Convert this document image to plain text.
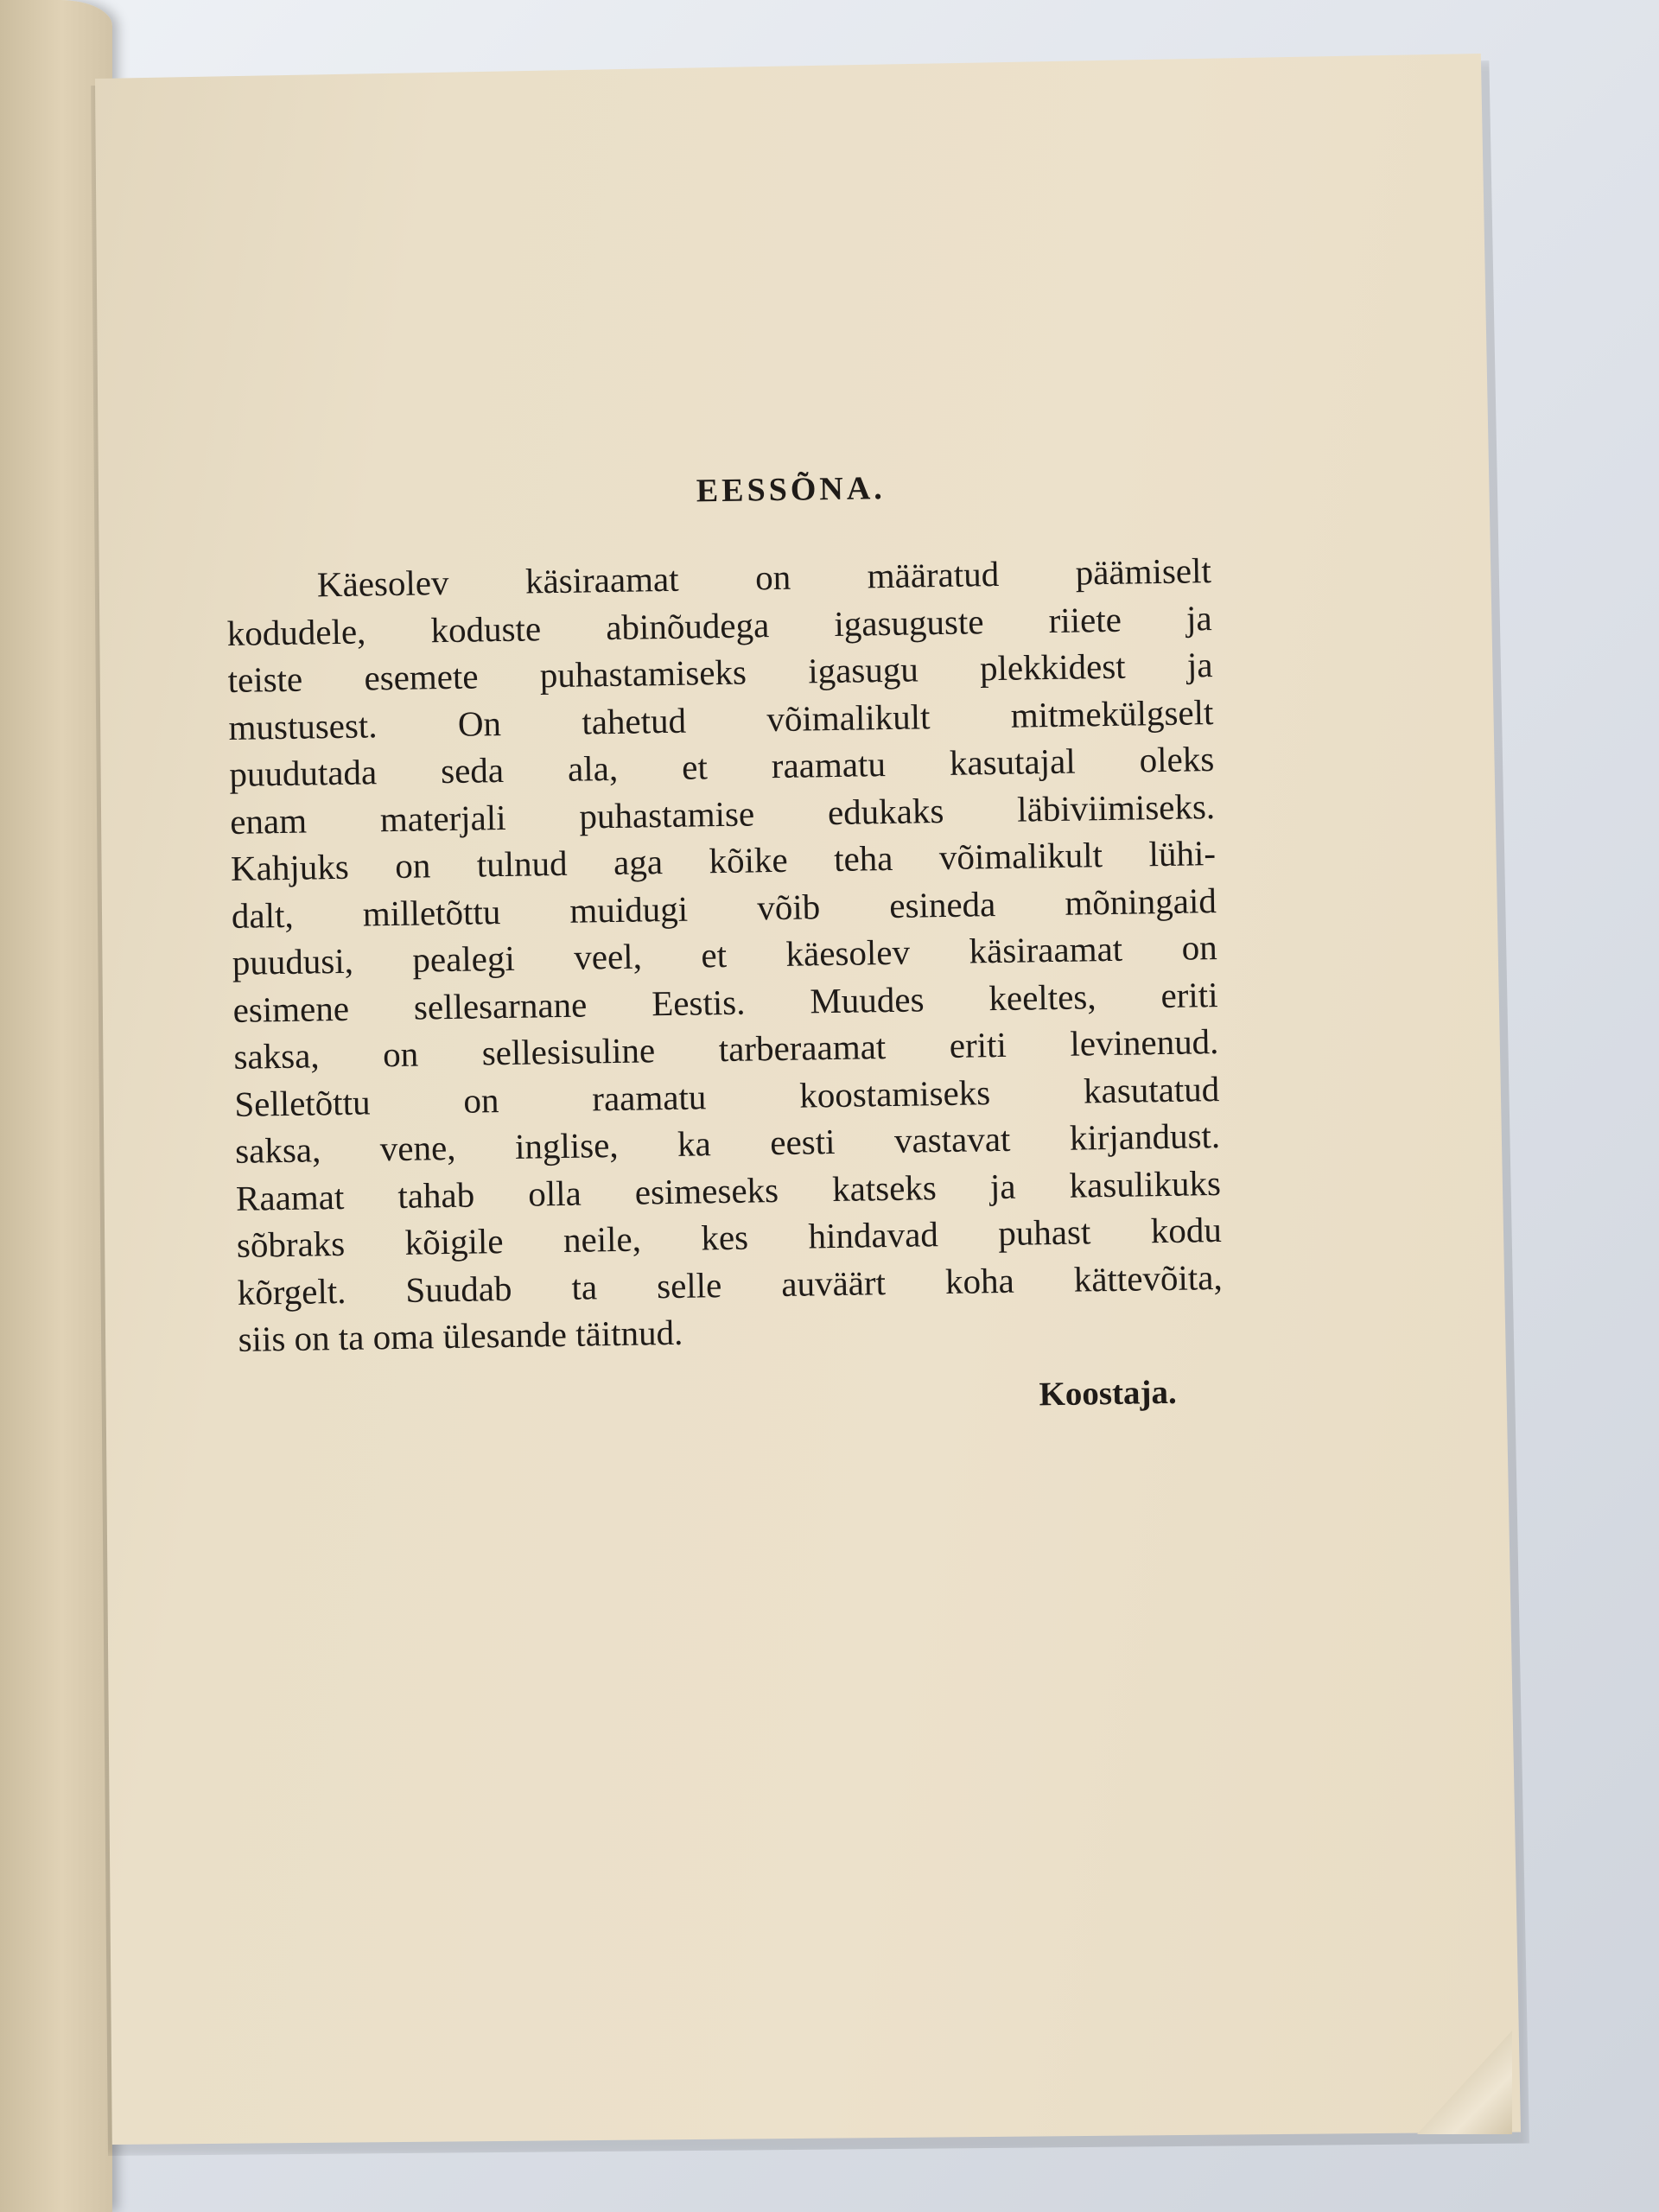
EESSÕNA.
Käesolev käsiraamat on määratud päämiselt
kodudele, koduste abinõudega igasuguste riiete ja
teiste esemete puhastamiseks igasugu plekkidest ja
mustusest. On tahetud võimalikult mitmekülgselt
puudutada seda ala, et raamatu kasutajal oleks
enam materjali puhastamise edukaks läbiviimiseks.
Kahjuks on tulnud aga kõike teha võimalikult lühi-
dalt, milletõttu muidugi võib esineda mõningaid
puudusi, pealegi veel, et käesolev käsiraamat on
esimene sellesarnane Eestis. Muudes keeltes, eriti
saksa, on sellesisuline tarberaamat eriti levinenud.
Selletõttu on raamatu koostamiseks kasutatud
saksa, vene, inglise, ka eesti vastavat kirjandust.
Raamat tahab olla esimeseks katseks ja kasulikuks
sõbraks kõigile neile, kes hindavad puhast kodu
kõrgelt. Suudab ta selle auväärt koha kättevõita,
siis on ta oma ülesande täitnud.
Koostaja.
